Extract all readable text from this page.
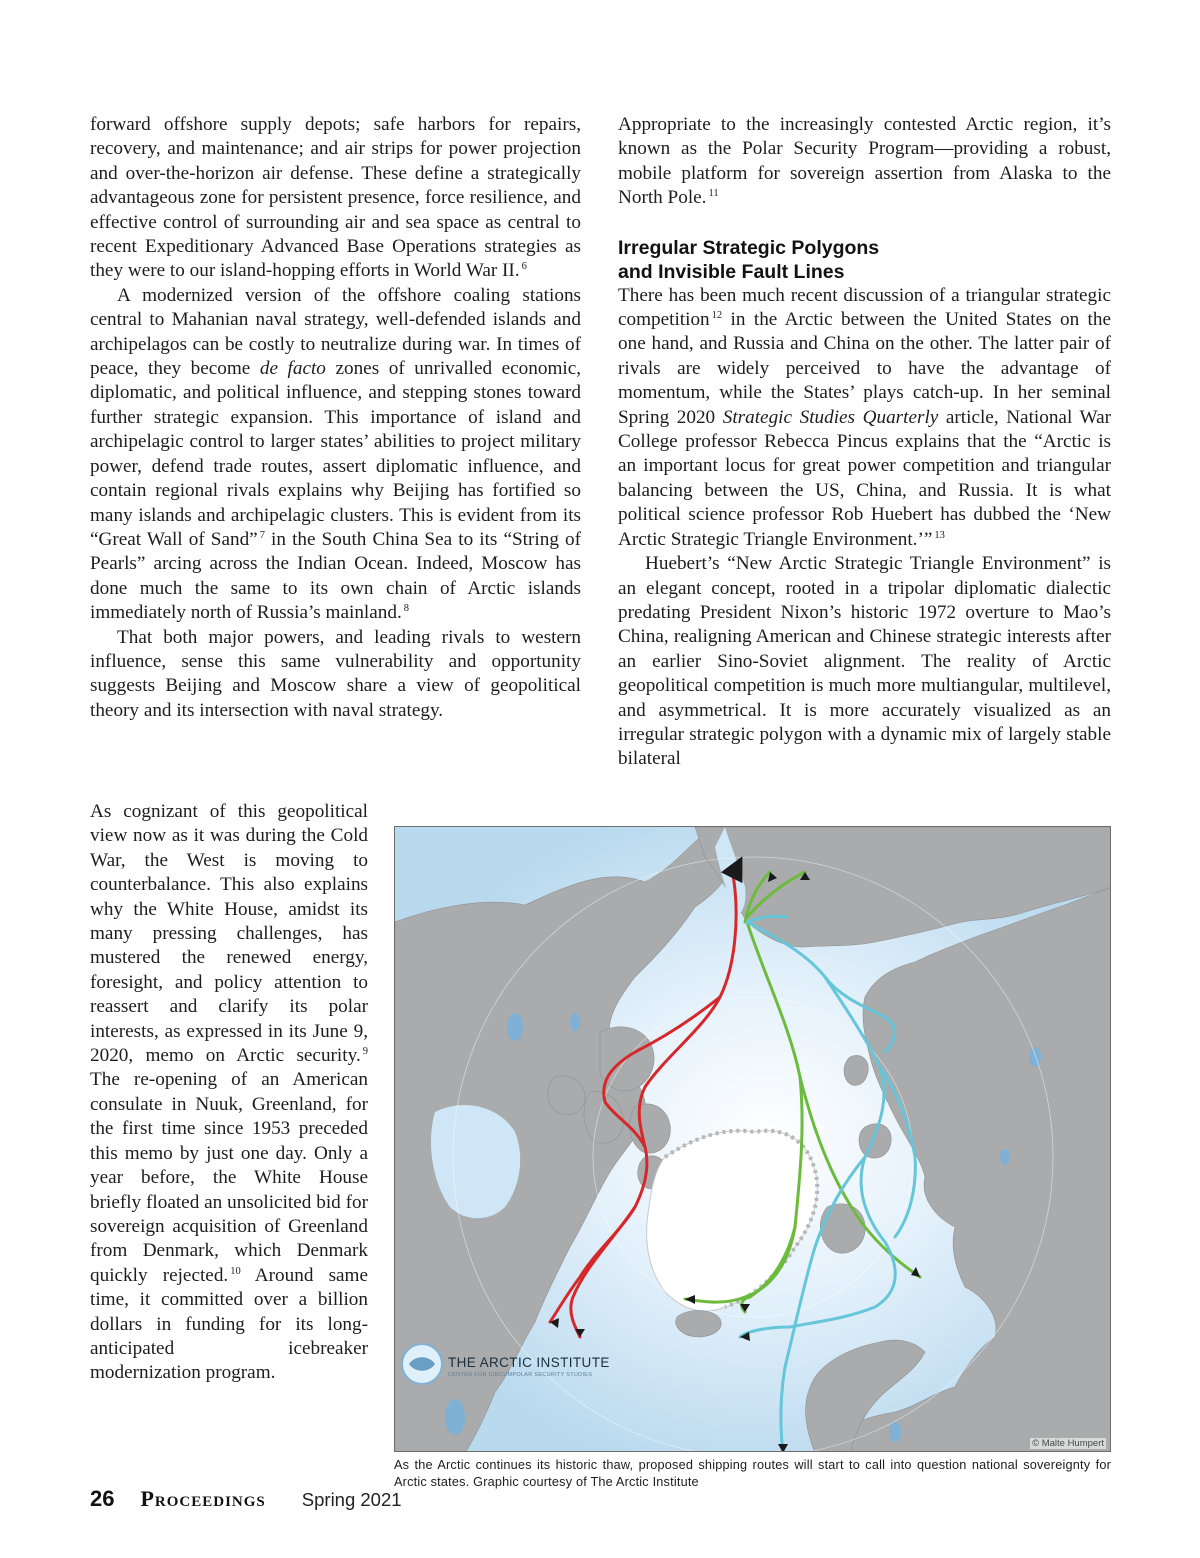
forward offshore supply depots; safe harbors for repairs, recovery, and maintenance; and air strips for power projection and over-the-horizon air defense. These define a strategically advantageous zone for persistent presence, force resilience, and effective control of surrounding air and sea space as central to recent Expeditionary Advanced Base Operations strategies as they were to our island-hopping efforts in World War II. $^6$

A modernized version of the offshore coaling stations central to Mahanian naval strategy, well-defended islands and archipelagos can be costly to neutralize during war. In times of peace, they become de facto zones of unrivalled economic, diplomatic, and political influence, and stepping stones toward further strategic expansion. This importance of island and archipelagic control to larger states’ abilities to project military power, defend trade routes, assert diplomatic influence, and contain regional rivals explains why Beijing has fortified so many islands and archipelagic clusters. This is evident from its “Great Wall of Sand” $^7$ in the South China Sea to its “String of Pearls” arcing across the Indian Ocean. Indeed, Moscow has done much the same to its own chain of Arctic islands immediately north of Russia’s mainland. $^8$

That both major powers, and leading rivals to western influence, sense this same vulnerability and opportunity suggests Beijing and Moscow share a view of geopolitical theory and its intersection with naval strategy.

As cognizant of this geopolitical view now as it was during the Cold War, the West is moving to counterbalance. This also explains why the White House, amidst its many pressing challenges, has mustered the renewed energy, foresight, and policy attention to reassert and clarify its polar interests, as expressed in its June 9, 2020, memo on Arctic security. $^9$ The re-opening of an American consulate in Nuuk, Greenland, for the first time since 1953 preceded this memo by just one day. Only a year before, the White House briefly floated an unsolicited bid for sovereign acquisition of Greenland from Denmark, which Denmark quickly rejected. $^{10}$ Around same time, it committed over a billion dollars in funding for its long-anticipated icebreaker modernization program.

Appropriate to the increasingly contested Arctic region, it’s known as the Polar Security Program—providing a robust, mobile platform for sovereign assertion from Alaska to the North Pole. $^{11}$

Irregular Strategic Polygons
and Invisible Fault Lines

There has been much recent discussion of a triangular strategic competition $^{12}$ in the Arctic between the United States on the one hand, and Russia and China on the other. The latter pair of rivals are widely perceived to have the advantage of momentum, while the States’ plays catch-up. In her seminal Spring 2020 Strategic Studies Quarterly article, National War College professor Rebecca Pincus explains that the “Arctic is an important locus for great power competition and triangular balancing between the US, China, and Russia. It is what political science professor Rob Huebert has dubbed the ‘New Arctic Strategic Triangle Environment.’” $^{13}$

Huebert’s “New Arctic Strategic Triangle Environment” is an elegant concept, rooted in a tripolar diplomatic dialectic predating President Nixon’s historic 1972 overture to Mao’s China, realigning American and Chinese strategic interests after an earlier Sino-Soviet alignment. The reality of Arctic geopolitical competition is much more multiangular, multilevel, and asymmetrical. It is more accurately visualized as an irregular strategic polygon with a dynamic mix of largely stable bilateral

THE ARCTIC INSTITUTE
CENTER FOR CIRCUMPOLAR SECURITY STUDIES
© Malte Humpert
As the Arctic continues its historic thaw, proposed shipping routes will start to call into question national sovereignty for Arctic states. Graphic courtesy of The Arctic Institute
26 Proceedings Spring 2021
